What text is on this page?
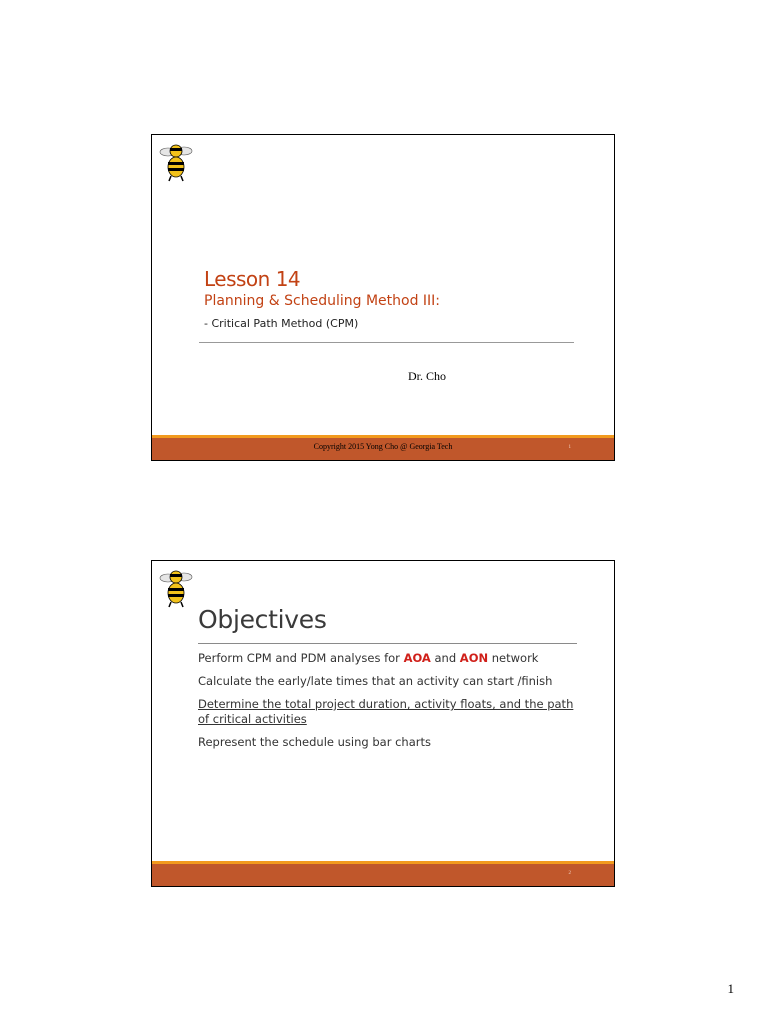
Lesson 14
Planning & Scheduling Method III:
- Critical Path Method (CPM)
Dr. Cho
Copyright 2015 Yong Cho @ Georgia Tech	1
Objectives

Perform CPM and PDM analyses for AOA and AON network

Calculate the early/late times that an activity can start /finish

Determine the total project duration, activity floats, and the path of critical activities

Represent the schedule using bar charts

2
1
